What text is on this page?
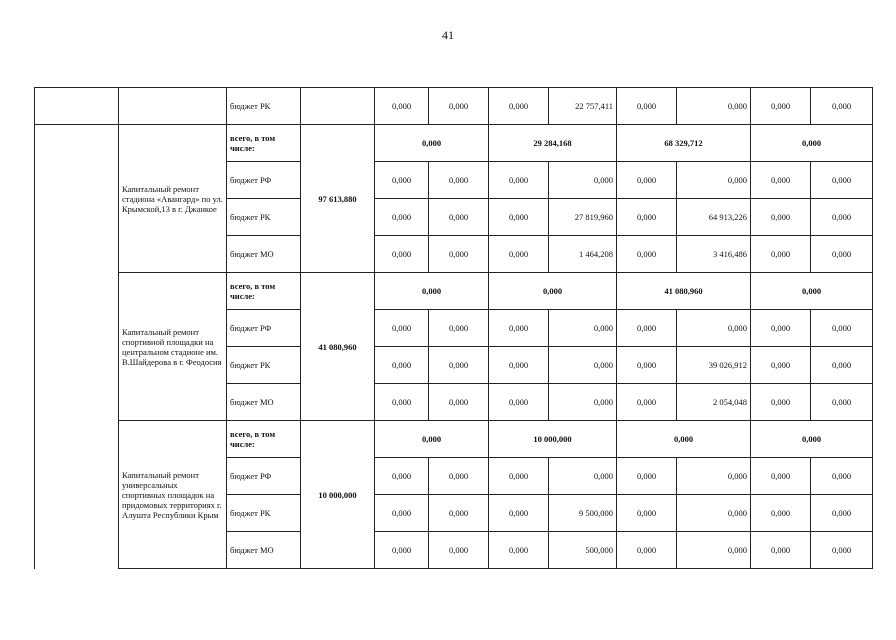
41
		бюджет РК		0,000	0,000	0,000	22 757,411	0,000	0,000	0,000	0,000
	Капитальный ремонт стадиона «Авангард» по ул. Крымской,13 в г. Джанкое	всего, в том числе:	97 613,880	0,000		29 284,168		68 329,712		0,000	
		бюджет РФ		0,000	0,000	0,000	0,000	0,000	0,000	0,000	0,000
		бюджет РК		0,000	0,000	0,000	27 819,960	0,000	64 913,226	0,000	0,000
		бюджет МО		0,000	0,000	0,000	1 464,208	0,000	3 416,486	0,000	0,000
	Капитальный ремонт спортивной площадки на центральном стадионе им. В.Шайдерова в г. Феодосия	всего, в том числе:	41 080,960	0,000		0,000		41 080,960		0,000	
		бюджет РФ		0,000	0,000	0,000	0,000	0,000	0,000	0,000	0,000
		бюджет РК		0,000	0,000	0,000	0,000	0,000	39 026,912	0,000	0,000
		бюджет МО		0,000	0,000	0,000	0,000	0,000	2 054,048	0,000	0,000
	Капитальный ремонт универсальных спортивных площадок на придомовых территориях г. Алушта Республики Крым	всего, в том числе:	10 000,000	0,000		10 000,000		0,000		0,000	
		бюджет РФ		0,000	0,000	0,000	0,000	0,000	0,000	0,000	0,000
		бюджет РК		0,000	0,000	0,000	9 500,000	0,000	0,000	0,000	0,000
		бюджет МО		0,000	0,000	0,000	500,000	0,000	0,000	0,000	0,000
